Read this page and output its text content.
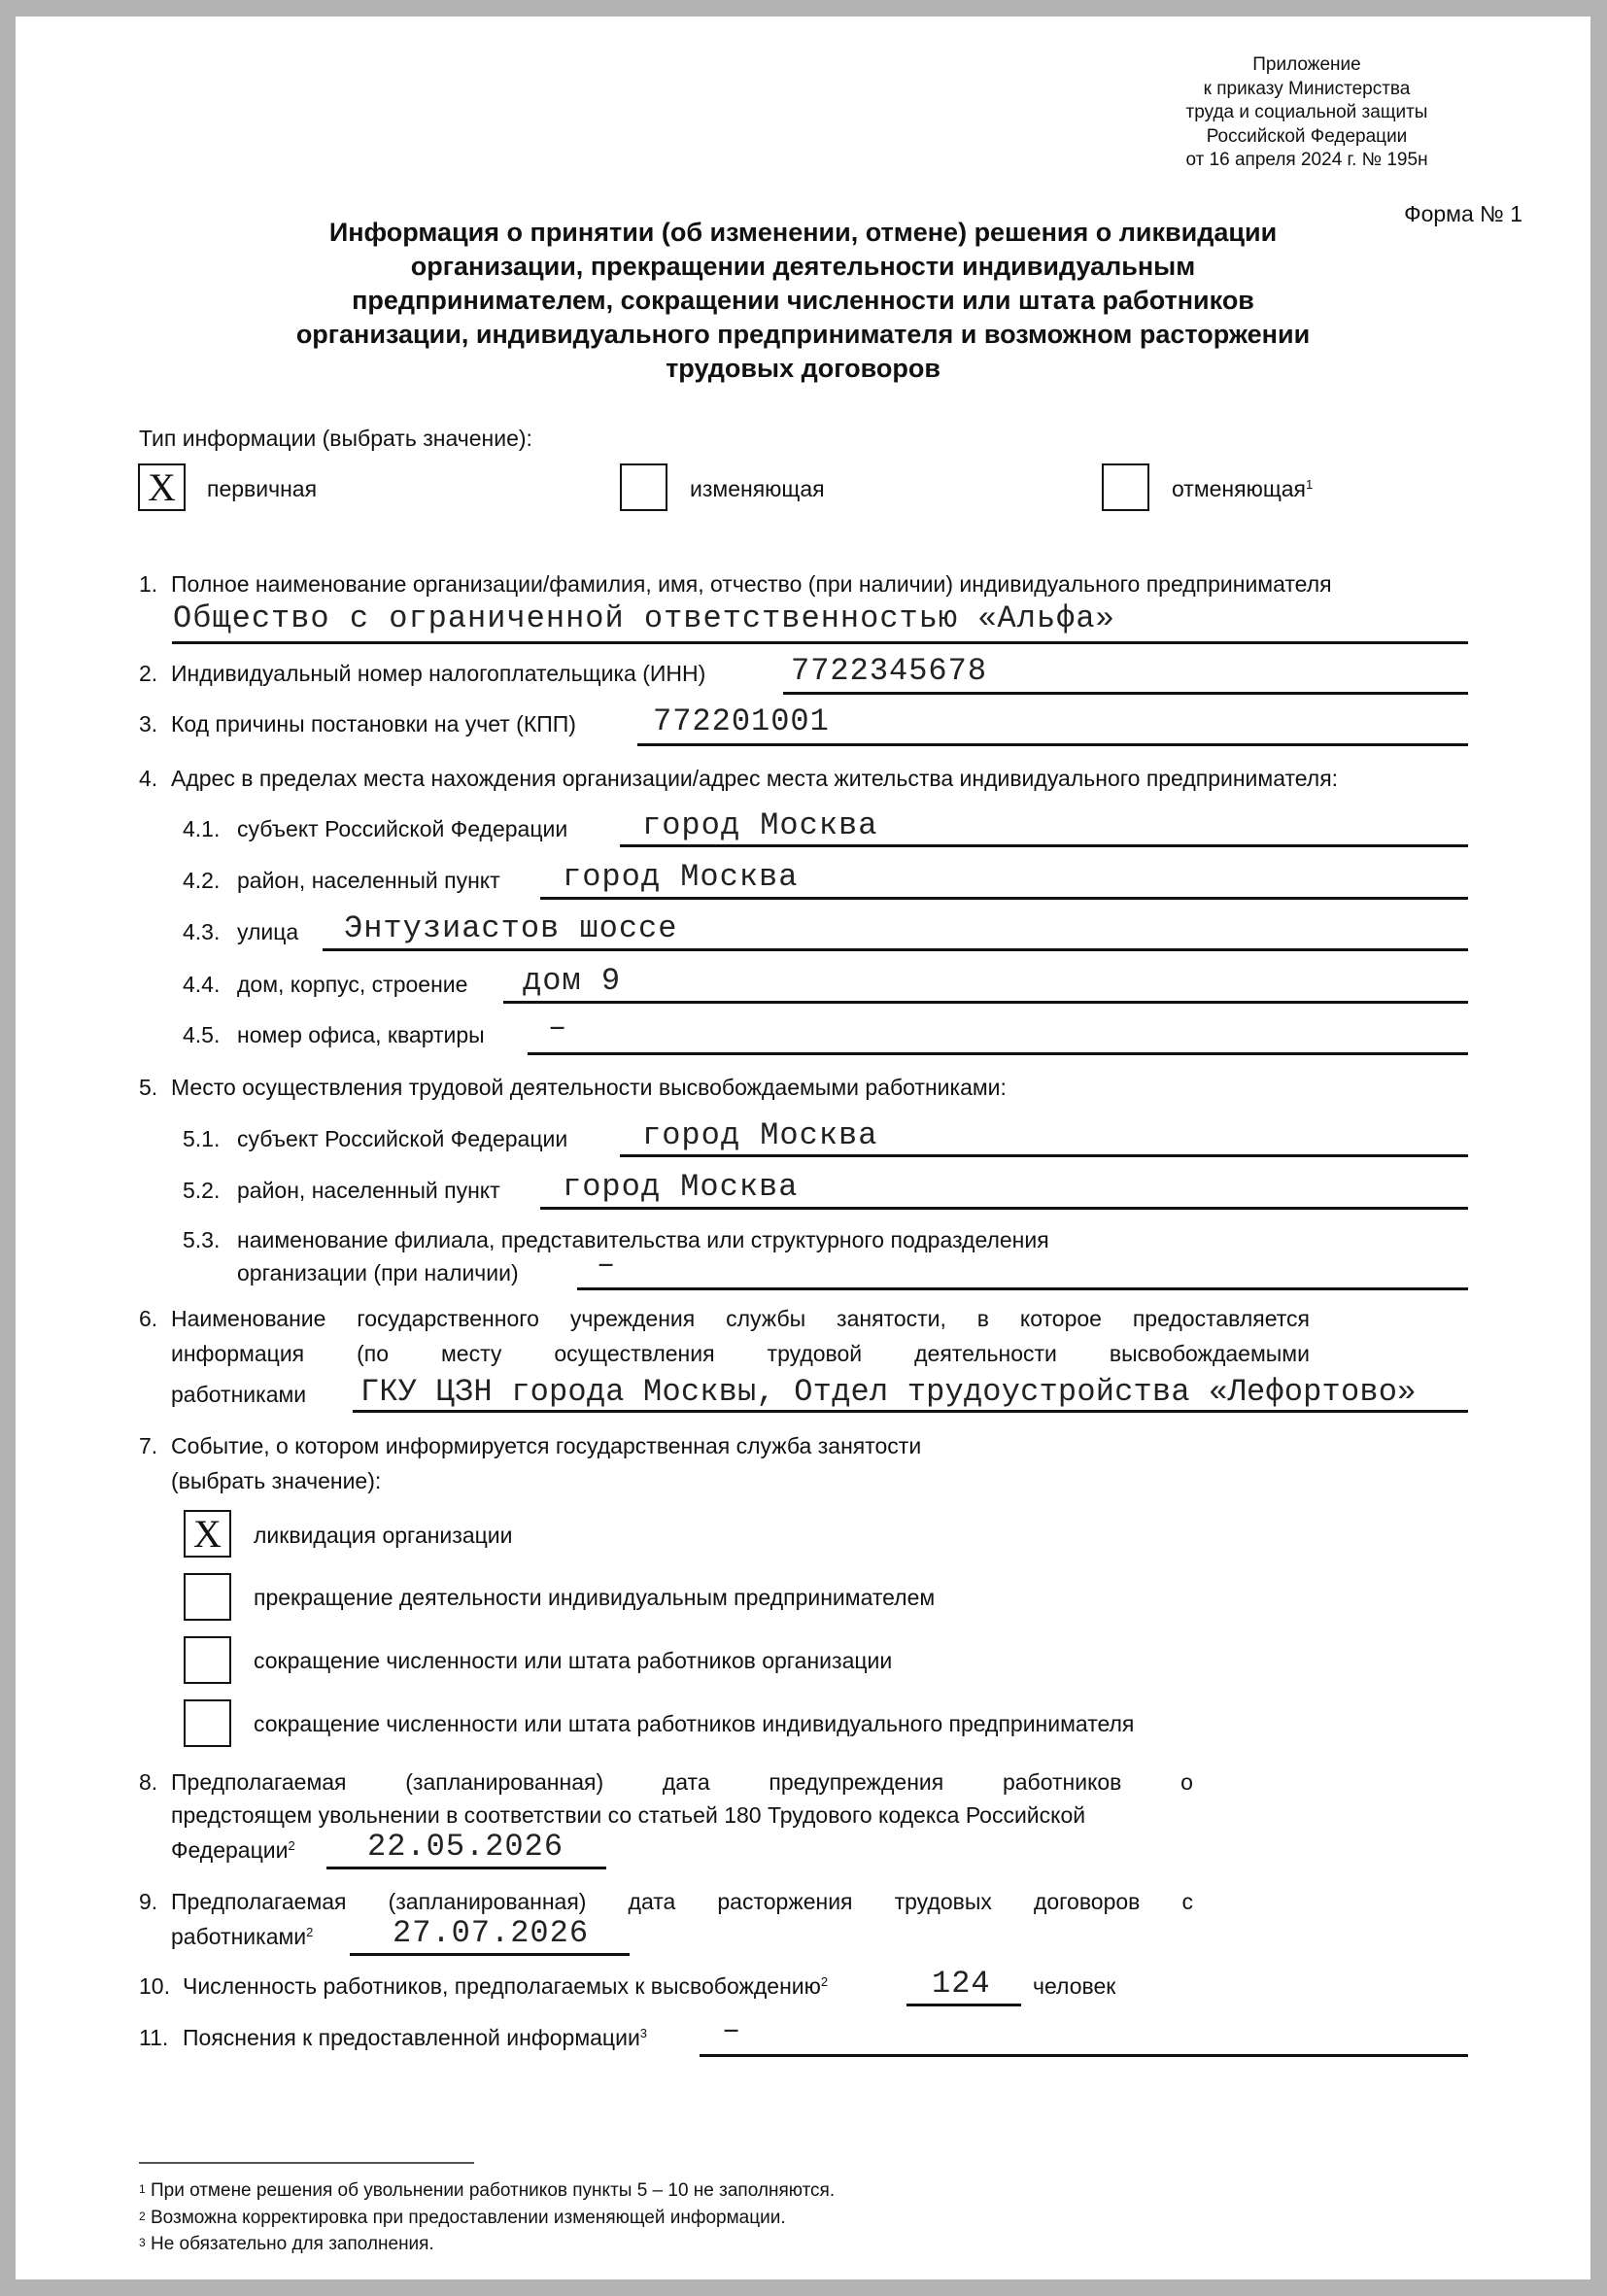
Приложение
к приказу Министерства
труда и социальной защиты
Российской Федерации
от 16 апреля 2024 г. № 195н
Форма № 1
Информация о принятии (об изменении, отмене) решения о ликвидации
организации, прекращении деятельности индивидуальным
предпринимателем, сокращении численности или штата работников
организации, индивидуального предпринимателя и возможном расторжении
трудовых договоров
Тип информации (выбрать значение):
X	первичная	изменяющая	отменяющая$^1$
1. Полное наименование организации/фамилия, имя, отчество (при наличии) индивидуального предпринимателя
Общество с ограниченной ответственностью «Альфа»
2. Индивидуальный номер налогоплательщика (ИНН)	7722345678
3. Код причины постановки на учет (КПП) 772201001
4. Адрес в пределах места нахождения организации/адрес места жительства индивидуального предпринимателя:
4.1. субъект Российской Федерации город Москва
4.2. район, населенный пункт город Москва
4.3. улица Энтузиастов шоссе
4.4. дом, корпус, строение дом 9
4.5. номер офиса, квартиры –
5. Место осуществления трудовой деятельности высвобождаемыми работниками:
5.1. субъект Российской Федерации город Москва
5.2. район, населенный пункт город Москва
5.3. наименование филиала, представительства или структурного подразделения
организации (при наличии)	–
6. Наименование государственного учреждения службы занятости, в которое предоставляется
информация (по месту осуществления трудовой деятельности высвобождаемыми
работниками ГКУ ЦЗН города Москвы, Отдел трудоустройства «Лефортово»
7. Событие, о котором информируется государственная служба занятости
(выбрать значение):
X	ликвидация организации
прекращение деятельности индивидуальным предпринимателем
сокращение численности или штата работников организации
сокращение численности или штата работников индивидуального предпринимателя
8. Предполагаемая	(запланированная)	дата	предупреждения	работников	о
предстоящем увольнении в соответствии со статьей 180 Трудового кодекса Российской
Федерации$^2$ 22.05.2026
9. Предполагаемая (запланированная) дата расторжения трудовых договоров с
работниками$^2$	27.07.2026
10. Численность работников, предполагаемых к высвобождению$^2$	124 человек
11. Пояснения к предоставленной информации$^3$ –
$^1$ При отмене решения об увольнении работников пункты 5 – 10 не заполняются.
$^2$ Возможна корректировка при предоставлении изменяющей информации.
$^3$ Не обязательно для заполнения.
